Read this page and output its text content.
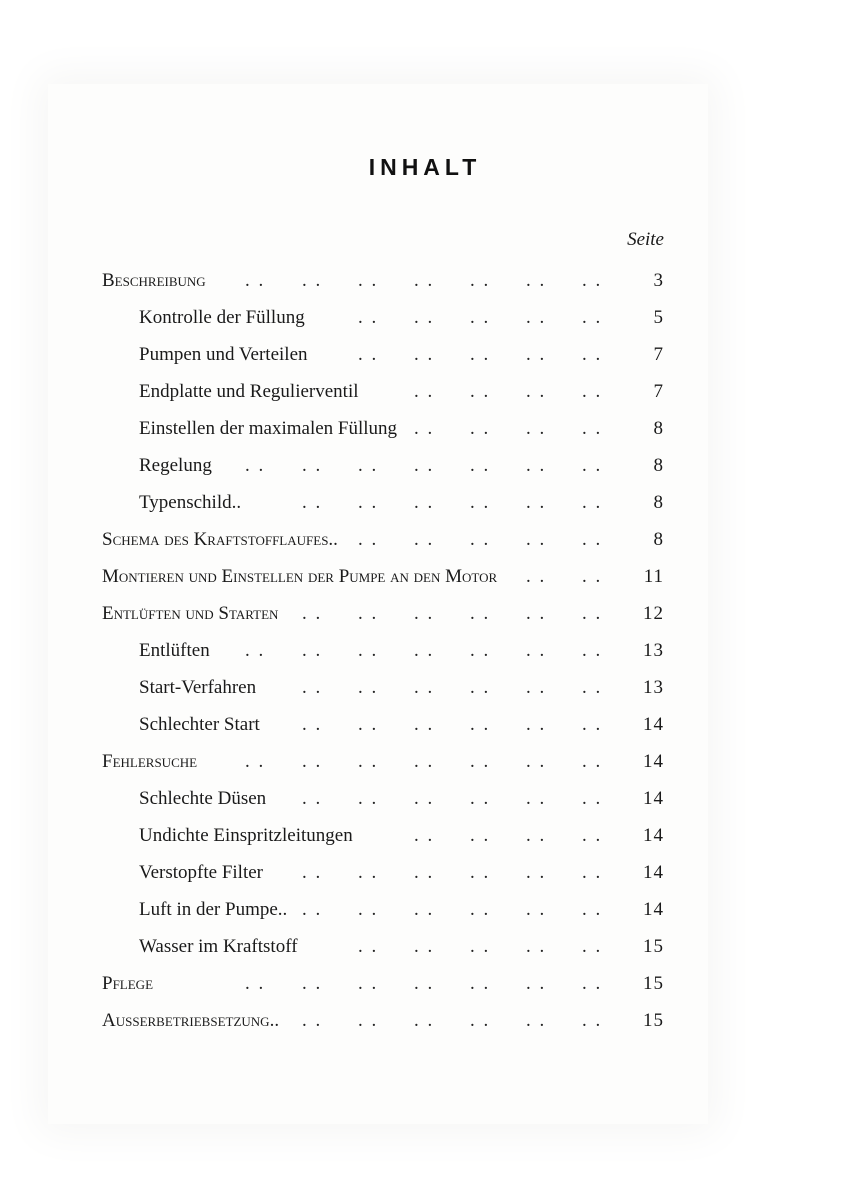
INHALT
Seite
Beschreibung . . . . . . . . . . . . . .	3
Kontrolle der Füllung	. . . . . . . . . .	5
Pumpen und Verteilen	. . . . . . . . . .	7
Endplatte und Regulierventil	. . . . . . . .	7
Einstellen der maximalen Füllung . . . . . . . .	8
Regelung . . . . . . . . . . . . . .	8
Typenschild..	. . . . . . . . . . . .	8
Schema des Kraftstofflaufes.. . . . . . . . . . .	8
Montieren und Einstellen der Pumpe an den Motor . . . .	11
Entlüften und Starten . . . . . . . . . . . .	12
Entlüften . . . . . . . . . . . . . .	13
Start-Verfahren . . . . . . . . . . . .	13
Schlechter Start . . . . . . . . . . . .	14
Fehlersuche	. . . . . . . . . . . . . .	14
Schlechte Düsen . . . . . . . . . . . .	14
Undichte Einspritzleitungen	. . . . . . . .	14
Verstopfte Filter . . . . . . . . . . . .	14
Luft in der Pumpe.. . . . . . . . . . . . .	14
Wasser im Kraftstoff	. . . . . . . . . .	15
Pflege	. . . . . . . . . . . . . .	15
Ausserbetriebsetzung.. . . . . . . . . . . . .	15
